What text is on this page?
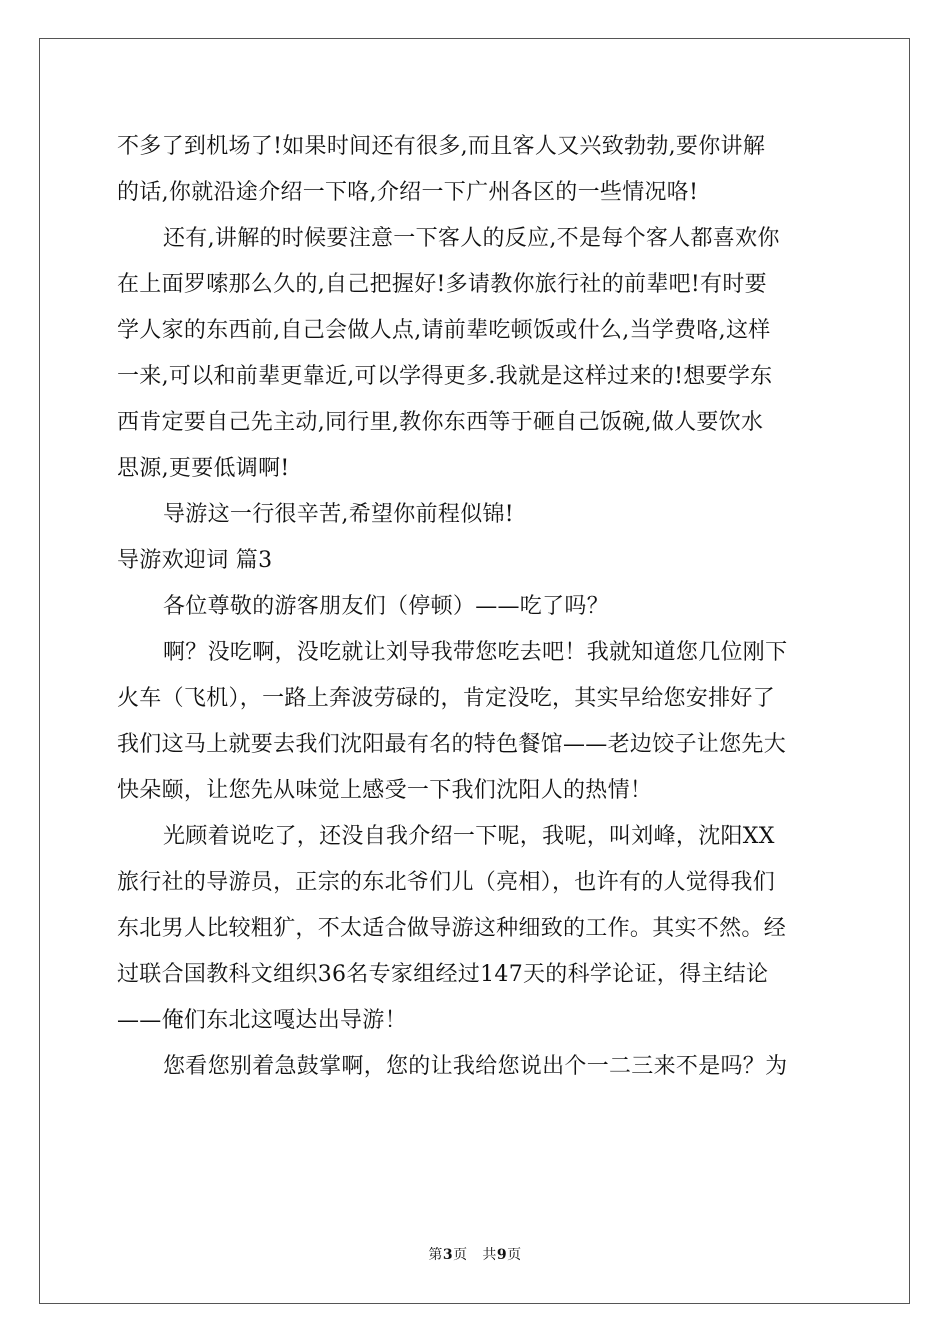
不多了到机场了!如果时间还有很多,而且客人又兴致勃勃,要你讲解
的话,你就沿途介绍一下咯,介绍一下广州各区的一些情况咯!
还有,讲解的时候要注意一下客人的反应,不是每个客人都喜欢你
在上面罗嗦那么久的,自己把握好!多请教你旅行社的前辈吧!有时要
学人家的东西前,自己会做人点,请前辈吃顿饭或什么,当学费咯,这样
一来,可以和前辈更靠近,可以学得更多.我就是这样过来的!想要学东
西肯定要自己先主动,同行里,教你东西等于砸自己饭碗,做人要饮水
思源,更要低调啊!
导游这一行很辛苦,希望你前程似锦!
导游欢迎词 篇3
各位尊敬的游客朋友们（停顿）——吃了吗？
啊？没吃啊，没吃就让刘导我带您吃去吧！我就知道您几位刚下
火车（飞机），一路上奔波劳碌的，肯定没吃，其实早给您安排好了
我们这马上就要去我们沈阳最有名的特色餐馆——老边饺子让您先大
快朵颐，让您先从味觉上感受一下我们沈阳人的热情！
光顾着说吃了，还没自我介绍一下呢，我呢，叫刘峰，沈阳XX
旅行社的导游员，正宗的东北爷们儿（亮相），也许有的人觉得我们
东北男人比较粗犷，不太适合做导游这种细致的工作。其实不然。经
过联合国教科文组织36名专家组经过147天的科学论证，得主结论
——俺们东北这嘎达出导游！
您看您别着急鼓掌啊，您的让我给您说出个一二三来不是吗？为
第3页 共9页
